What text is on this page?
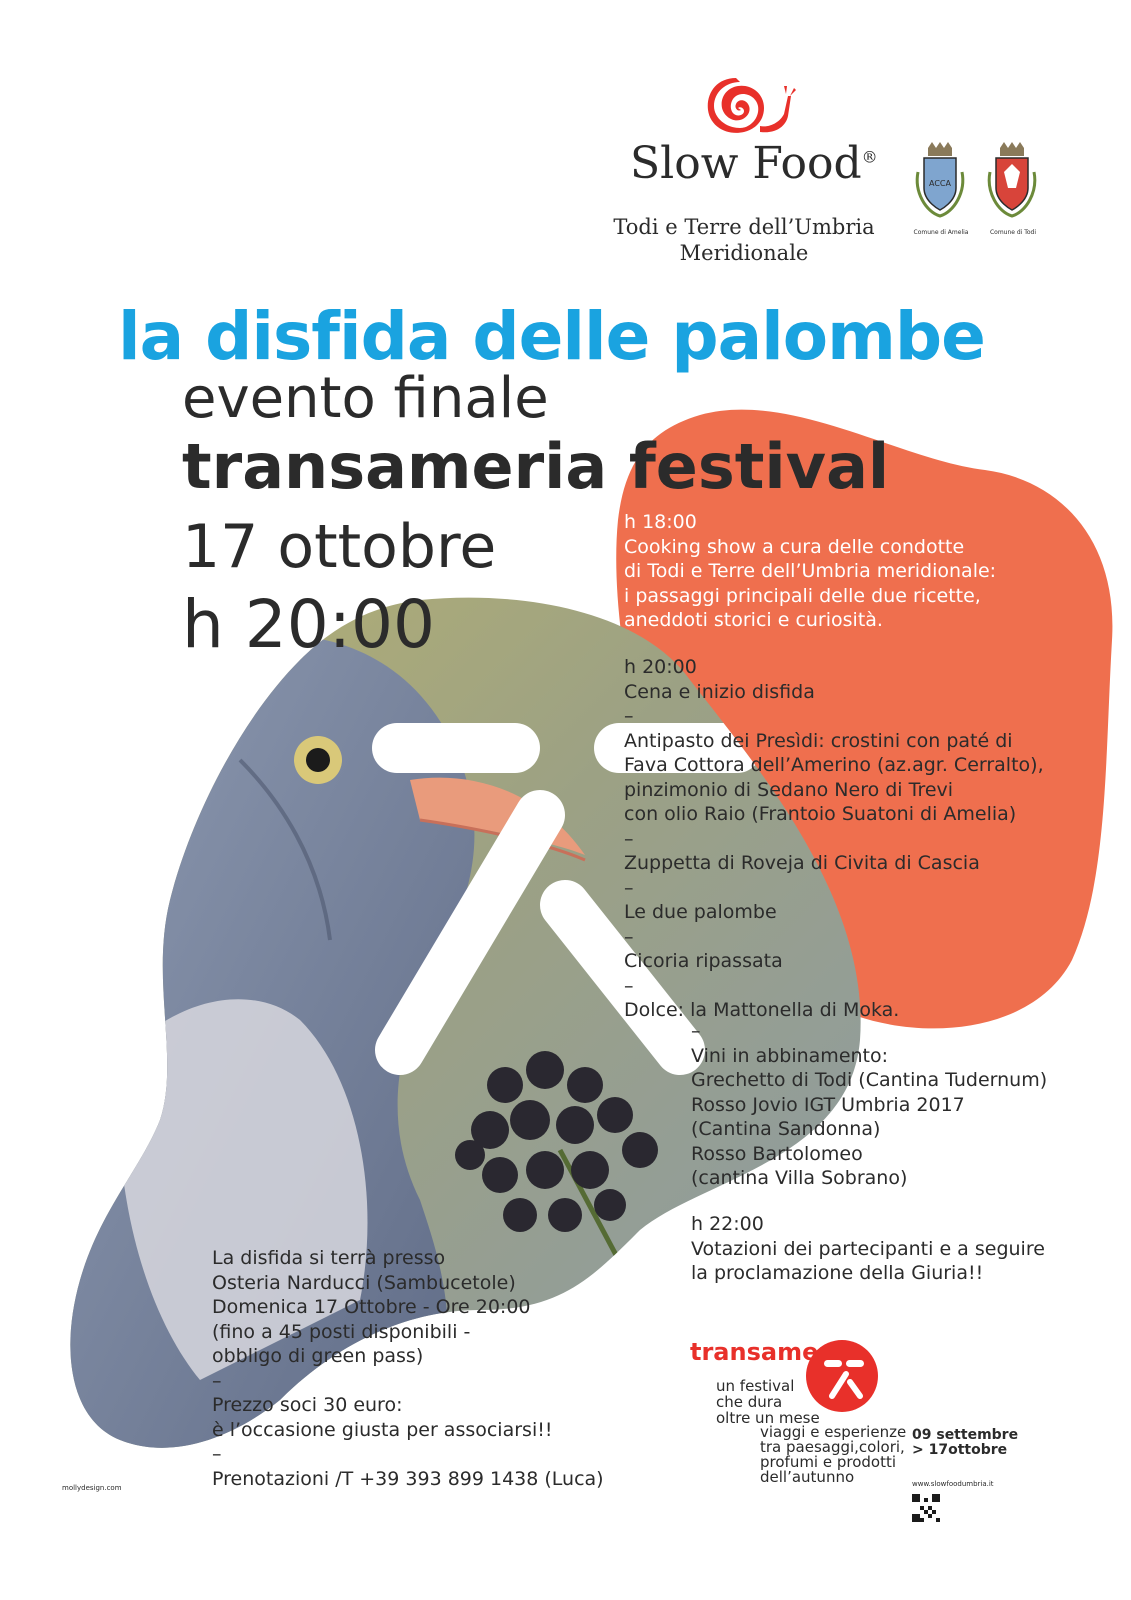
Slow Food®
Todi e Terre dell’Umbria
Meridionale
ACCA
Comune di Amelia	Comune di Todi
la disfida delle palombe
evento finale
transameria festival
17 ottobre
h 20:00
h 18:00
Cooking show a cura delle condotte
di Todi e Terre dell’Umbria meridionale:
i passaggi principali delle due ricette,
aneddoti storici e curiosità.
h 20:00
Cena e inizio disfida
–
Antipasto dei Presìdi: crostini con paté di
Fava Cottora dell’Amerino (az.agr. Cerralto),
pinzimonio di Sedano Nero di Trevi
con olio Raio (Frantoio Suatoni di Amelia)
–
Zuppetta di Roveja di Civita di Cascia
–
Le due palombe
–
Cicoria ripassata
–
Dolce: la Mattonella di Moka.
–
Vini in abbinamento:
Grechetto di Todi (Cantina Tudernum)
Rosso Jovio IGT Umbria 2017
(Cantina Sandonna)
Rosso Bartolomeo
(cantina Villa Sobrano)
h 22:00
Votazioni dei partecipanti e a seguire
la proclamazione della Giuria!!
La disfida si terrà presso
Osteria Narducci (Sambucetole)
Domenica 17 Ottobre - Ore 20:00
(fino a 45 posti disponibili -
obbligo di green pass)
–
Prezzo soci 30 euro:
è l’occasione giusta per associarsi!!
–
Prenotazioni /T +39 393 899 1438 (Luca)
transameria
un festival
che dura
oltre un mese
viaggi e esperienze
tra paesaggi,colori,
profumi e prodotti
dell’autunno
09 settembre
> 17ottobre
mollydesign.com	www.slowfoodumbria.it
